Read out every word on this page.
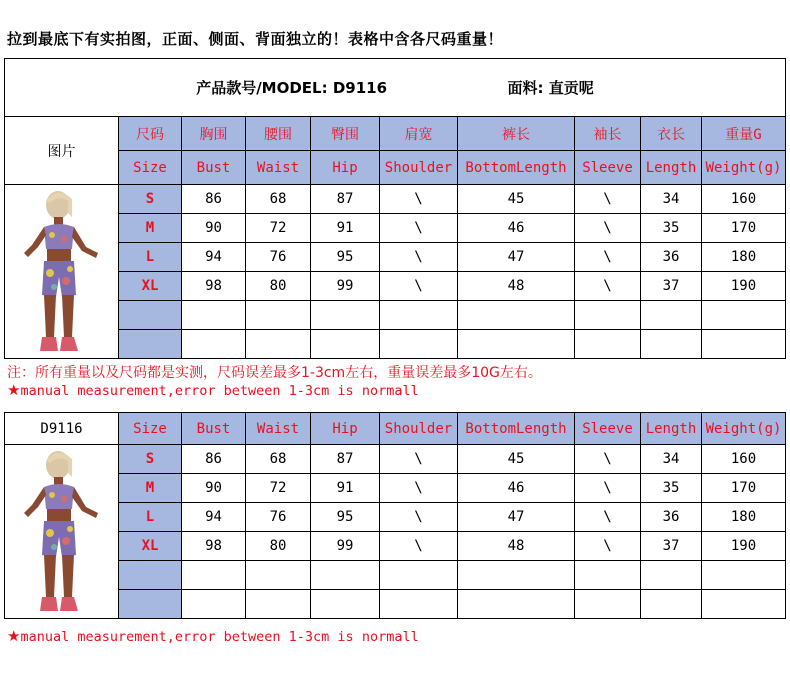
拉到最底下有实拍图，正面、侧面、背面独立的！表格中含各尺码重量！
产品款号/MODEL: D9116 面料: 直贡呢									
图片	尺码	胸围	腰围	臀围	肩宽	裤长	袖长	衣长	重量G
	Size	Bust	Waist	Hip	Shoulder	BottomLength	Sleeve	Length	Weight(g)

	S	86	68	87	\	45	\	34	160
	M	90	72	91	\	46	\	35	170
	L	94	76	95	\	47	\	36	180
	XL	98	80	99	\	48	\	37	190

注：所有重量以及尺码都是实测，尺码误差最多1-3cm左右，重量误差最多10G左右。
★manual measurement,error between 1-3cm is normall
D9116	Size	Bust	Waist	Hip	Shoulder	BottomLength	Sleeve	Length	Weight(g)

	S	86	68	87	\	45	\	34	160
	M	90	72	91	\	46	\	35	170
	L	94	76	95	\	47	\	36	180
	XL	98	80	99	\	48	\	37	190

★manual measurement,error between 1-3cm is normall
